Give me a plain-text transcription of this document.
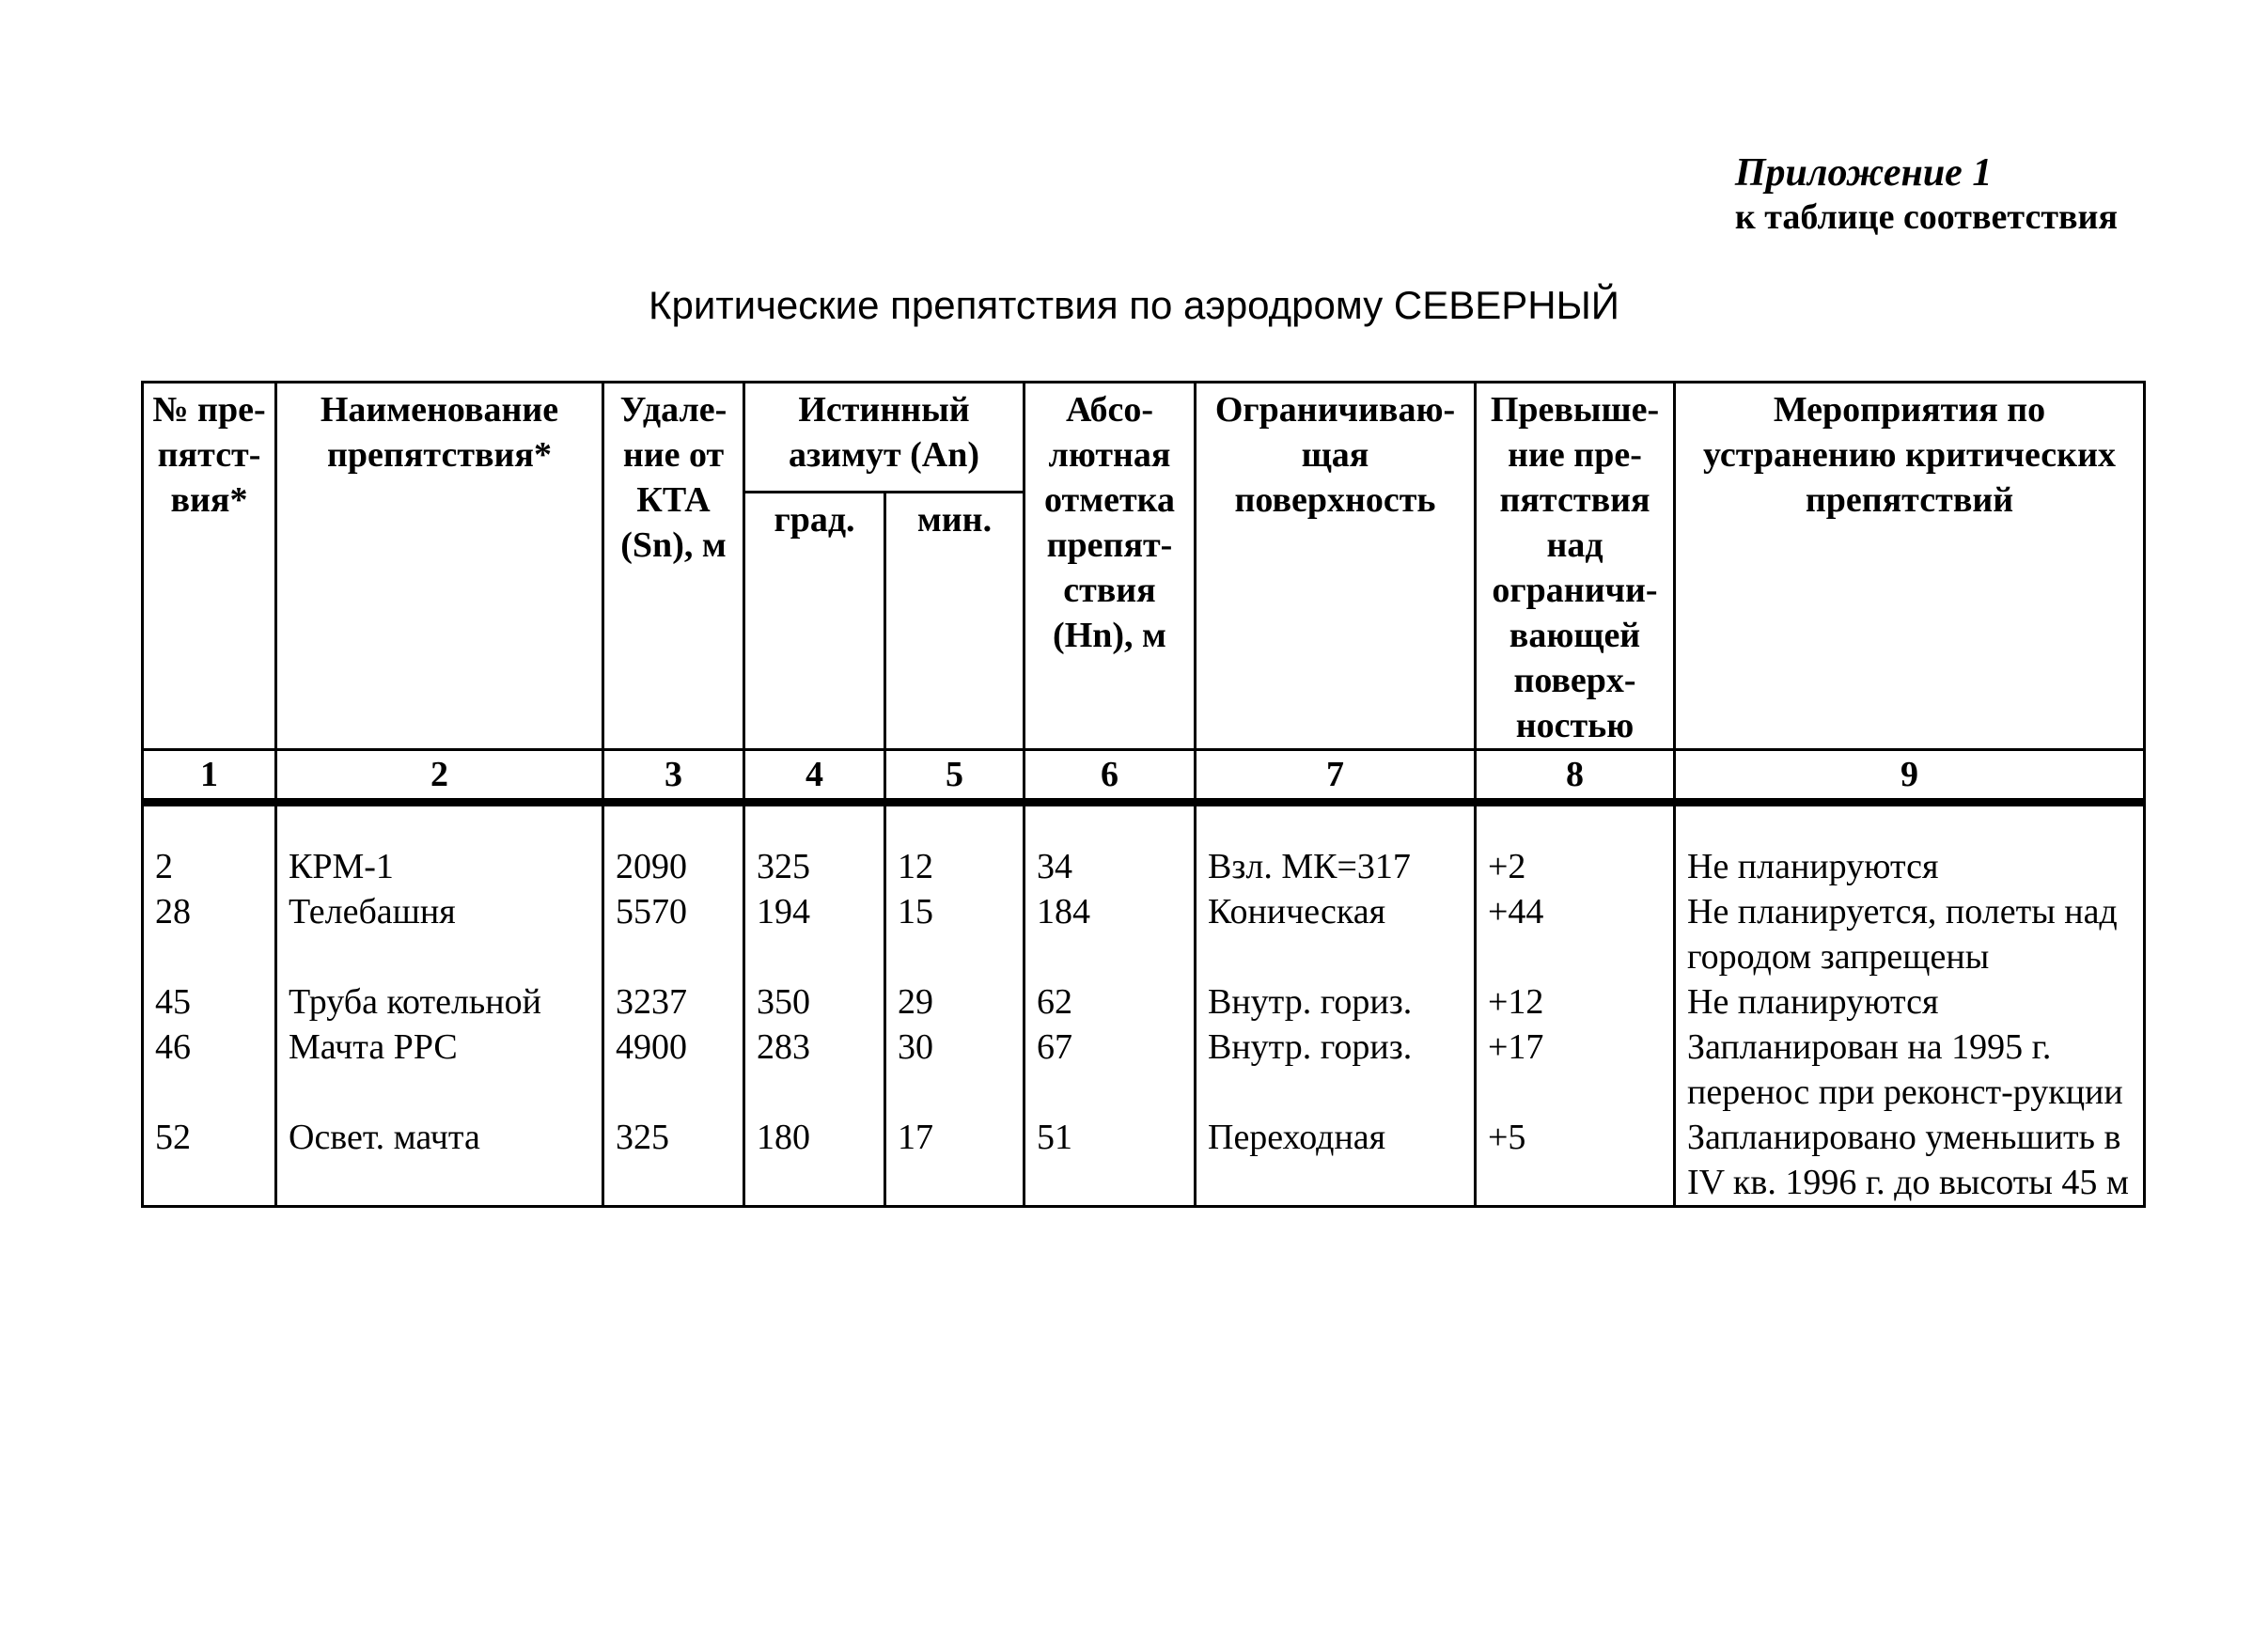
Приложение 1
к таблице соответствия
Критические препятствия по аэродрому СЕВЕРНЫЙ
№ пре-пятст-вия*	Наименование препятствия*	Удале-ние от КТА (Sn), м	Истинный азимут (An)		Абсо-лютная отметка препят-ствия (Hn), м	Ограничиваю-щая поверхность	Превыше-ние пре-пятствия над ограничи-вающей поверх-ностью	Мероприятия по устранению критических препятствий
			град.	мин.				
1	2	3	4	5	6	7	8	9

2	КРМ-1	2090	325	12	34	Взл. МК=317	+2	Не планируются
28	Телебашня	5570	194	15	184	Коническая	+44	Не планируется, полеты над городом запрещены
45	Труба котельной	3237	350	29	62	Внутр. гориз.	+12	Не планируются
46	Мачта РРС	4900	283	30	67	Внутр. гориз.	+17	Запланирован на 1995 г. перенос при реконст-рукции
52	Освет. мачта	325	180	17	51	Переходная	+5	Запланировано уменьшить в IV кв. 1996 г. до высоты 45 м
